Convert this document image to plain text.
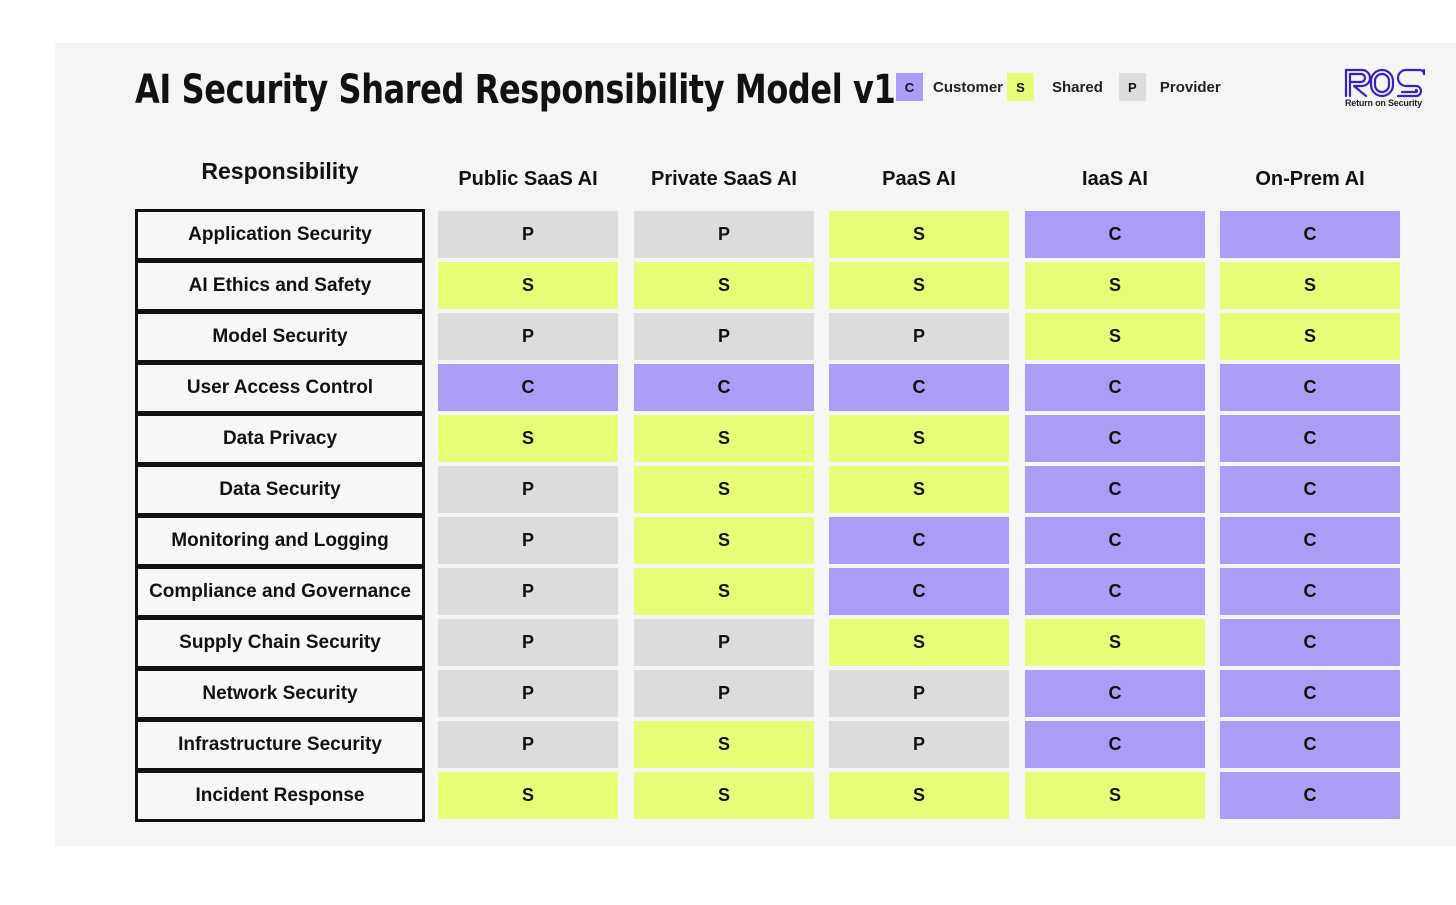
AI Security Shared Responsibility Model v1 C	Customer	S	Shared	P	Provider
Return on Security
Responsibility	Public SaaS AI	Private SaaS AI	PaaS AI	IaaS AI	On-Prem AI
Application Security	P	P	S	C	C
AI Ethics and Safety	S	S	S	S	S
Model Security	P	P	P	S	S
User Access Control	C	C	C	C	C
Data Privacy	S	S	S	C	C
Data Security	P	S	S	C	C
Monitoring and Logging	P	S	C	C	C
Compliance and Governance	P	S	C	C	C
Supply Chain Security	P	P	S	S	C
Network Security	P	P	P	C	C
Infrastructure Security	P	S	P	C	C
Incident Response	S	S	S	S	C
